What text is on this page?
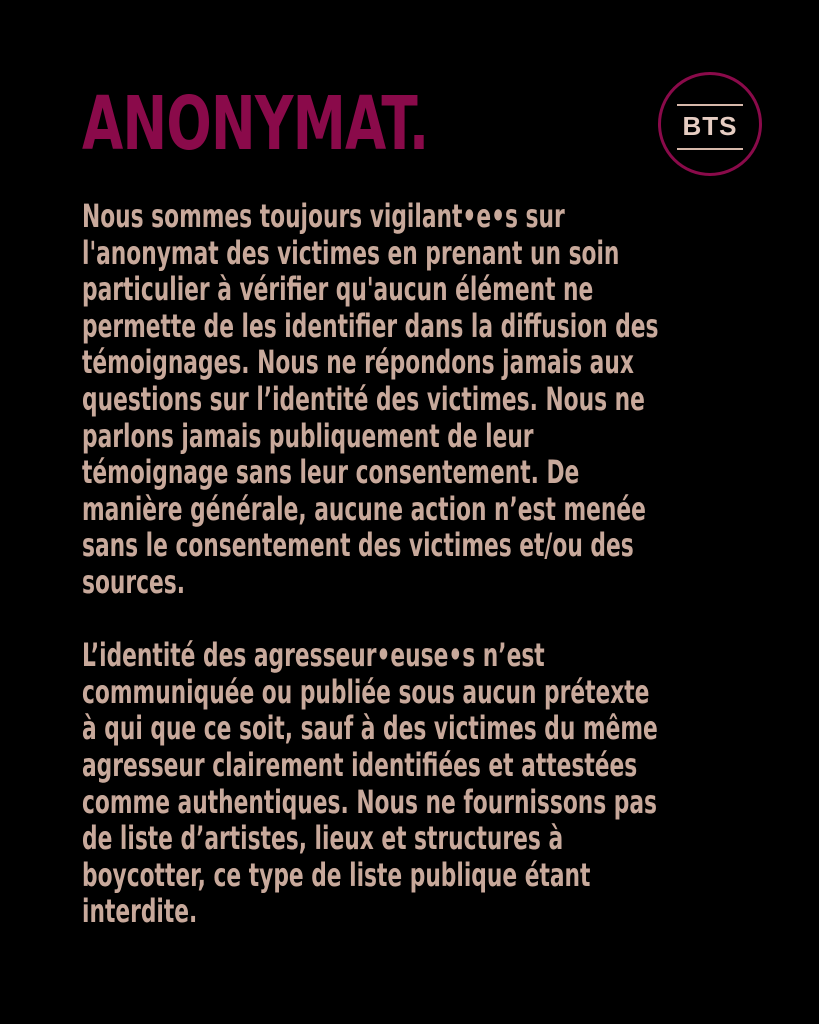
ANONYMAT.	BTS

Nous sommes toujours vigilant•e•s sur
l'anonymat des victimes en prenant un soin
particulier à vérifier qu'aucun élément ne
permette de les identifier dans la diffusion des
témoignages. Nous ne répondons jamais aux
questions sur l’identité des victimes. Nous ne
parlons jamais publiquement de leur
témoignage sans leur consentement. De
manière générale, aucune action n’est menée
sans le consentement des victimes et/ou des
sources.

L’identité des agresseur•euse•s n’est
communiquée ou publiée sous aucun prétexte
à qui que ce soit, sauf à des victimes du même
agresseur clairement identifiées et attestées
comme authentiques. Nous ne fournissons pas
de liste d’artistes, lieux et structures à
boycotter, ce type de liste publique étant
interdite.
